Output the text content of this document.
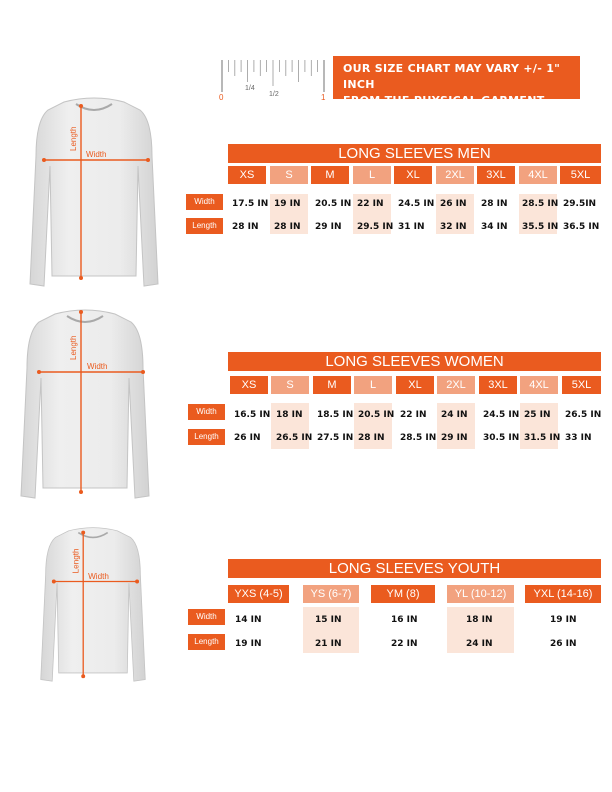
0	1
1/4
1/2
OUR SIZE CHART MAY VARY +/- 1" INCH
FROM THE PHYSICAL GARMENT.
Length
Width
Length
Width
Length
Width
LONG SLEEVES MEN
XS	S	M	L	XL	2XL	3XL	4XL	5XL
Width
Length
17.5 IN 19 IN 20.5 IN 22 IN 24.5 IN 26 IN 28 IN 28.5 IN 29.5IN
28 IN 28 IN 29 IN 29.5 IN 31 IN 32 IN 34 IN 35.5 IN 36.5 IN
LONG SLEEVES WOMEN
XS	S	M	L	XL	2XL	3XL	4XL	5XL
Width
Length
16.5 IN 18 IN 18.5 IN 20.5 IN 22 IN 24 IN 24.5 IN 25 IN 26.5 IN
26 IN 26.5 IN 27.5 IN 28 IN 28.5 IN 29 IN 30.5 IN 31.5 IN 33 IN
LONG SLEEVES YOUTH
YXS (4-5)	YS (6-7)	YM (8)	YL (10-12)	YXL (14-16)
Width
Length
14 IN	15 IN	16 IN	18 IN	19 IN
19 IN	21 IN	22 IN	24 IN	26 IN
